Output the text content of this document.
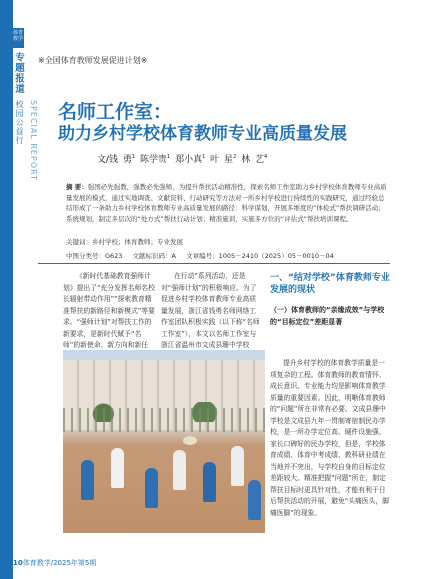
体育教学
专题报道
校园公益行 SPECIAL REPORT
※全国体育教师发展促进计划※
名师工作室：
助力乡村学校体育教师专业高质量发展
文/钱 勇$^1$ 陈学贵$^1$ 郑小真$^1$ 叶 星$^2$ 林 艺$^4$
摘 要：强国必先强教，强教必先强师，为提升帮扶活动精准性，探索名师工作室助力乡村学校体育教师专业高质量发展的模式，通过实地调查、文献资料、行动研究等方法对一所乡村学校进行持续性的实践研究，通过经验总结形成了一条助力乡村学校体育教师专业高质量发展的路径：科学谋划，开展多维度的“体检式”帮扶调研活动；系统规划，制定多层次的“处方式”帮扶行动计划；精准施训，实施多方位的“评估式”帮扶培训课程。
关键词：乡村学校；体育教师；专业发展
中图分类号：G623 文献标识码：A 文章编号：1005－2410（2025）05－0010－04

《新时代基础教育强师计划》提出了“充分发挥名师名校长辐射带动作用”“探索教育精准帮扶的新路径和新模式”等要求。“强师计划”对帮扶工作的新要求，是新时代赋予“名师”的新使命、新方向和新任

在行动”系列活动，还是对“强师计划”的积极响应。为了促进乡村学校体育教师专业高质量发展，浙江省钱勇名师网络工作室团队积极实践（以下称“名师工作室”），本文以名师工作室与浙江省温州市文成县珊中学校

一、“结对学校”体育教师专业发展的现状
（一）体育教师的“亲缘成效”与学校的“目标定位”差距显著

提升乡村学校的体育教学质量是一项复杂的工程。体育教师的教育情怀、成长意识、专业能力均是影响体育教学质量的重要因素。因此，明晰体育教师的“问题”所在非常有必要。文成县珊中学校是文成县九年一贯制寄宿制民办学校，是一所办学定位高、硬件设施强、家长口碑好的民办学校，但是，学校体育成绩、体育中考成绩、教科研业绩在当地并不突出，与学校自身的目标定位差距较大。精准把握“问题”所在，制定帮扶目标时更具针对性，才能有利于日后帮扶活动的开展，避免“头痛医头，脚痛医脚”的现象。

10体育教学/2025年第5期
